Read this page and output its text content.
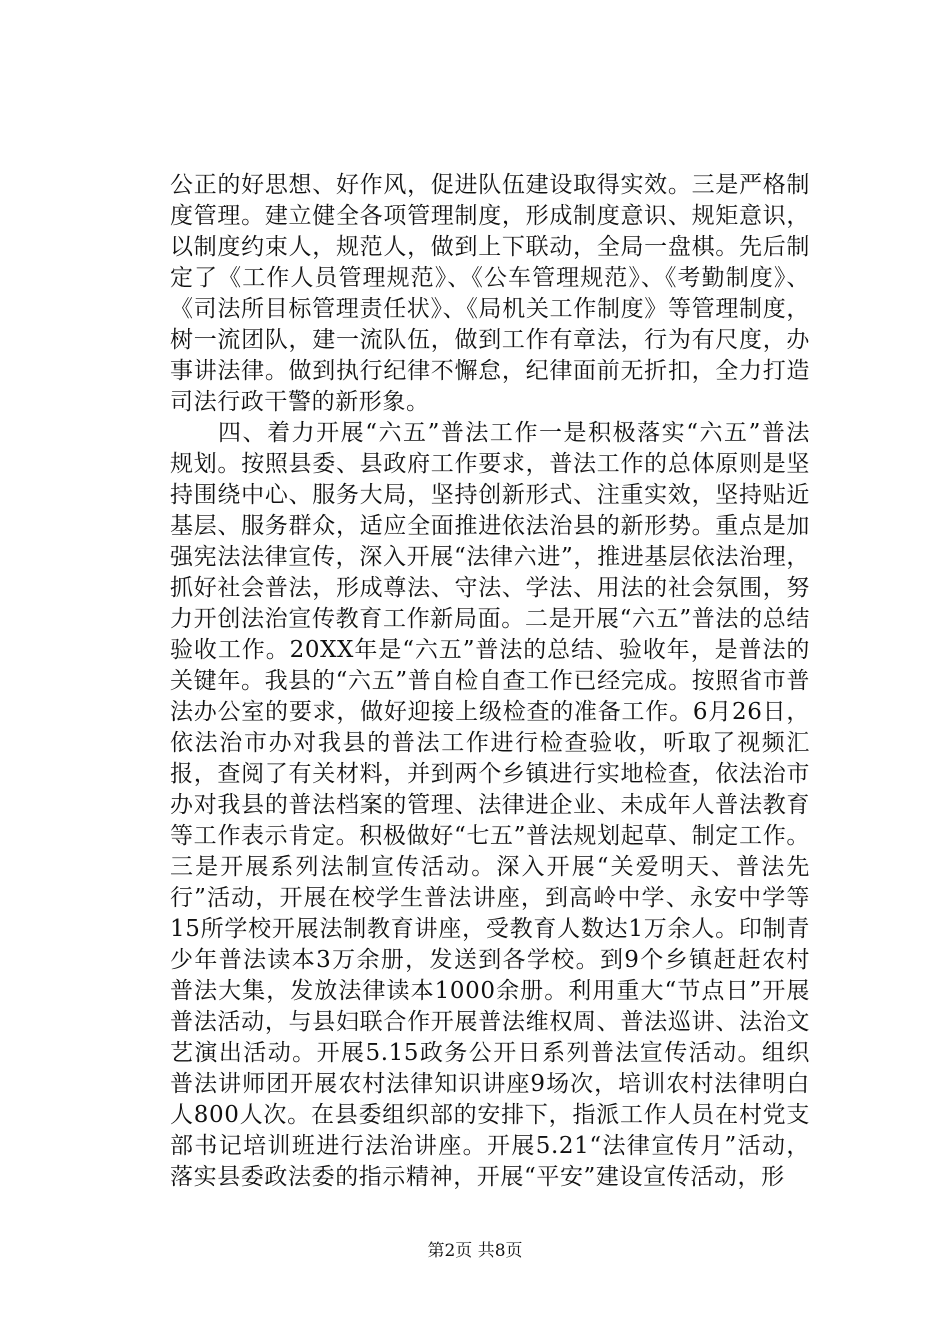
公正的好思想、好作风，促进队伍建设取得实效。三是严格制度管理。建立健全各项管理制度，形成制度意识、规矩意识，以制度约束人，规范人，做到上下联动，全局一盘棋。先后制定了《工作人员管理规范》、《公车管理规范》、《考勤制度》、《司法所目标管理责任状》、《局机关工作制度》等管理制度，树一流团队，建一流队伍，做到工作有章法，行为有尺度，办事讲法律。做到执行纪律不懈怠，纪律面前无折扣，全力打造司法行政干警的新形象。

四、着力开展“六五”普法工作一是积极落实“六五”普法规划。按照县委、县政府工作要求，普法工作的总体原则是坚持围绕中心、服务大局，坚持创新形式、注重实效，坚持贴近基层、服务群众，适应全面推进依法治县的新形势。重点是加强宪法法律宣传，深入开展“法律六进”，推进基层依法治理，抓好社会普法，形成尊法、守法、学法、用法的社会氛围，努力开创法治宣传教育工作新局面。二是开展“六五”普法的总结验收工作。20XX年是“六五”普法的总结、验收年，是普法的关键年。我县的“六五”普自检自查工作已经完成。按照省市普法办公室的要求，做好迎接上级检查的准备工作。6月26日，依法治市办对我县的普法工作进行检查验收，听取了视频汇报，查阅了有关材料，并到两个乡镇进行实地检查，依法治市办对我县的普法档案的管理、法律进企业、未成年人普法教育等工作表示肯定。积极做好“七五”普法规划起草、制定工作。三是开展系列法制宣传活动。深入开展“关爱明天、普法先行”活动，开展在校学生普法讲座，到高岭中学、永安中学等15所学校开展法制教育讲座，受教育人数达1万余人。印制青少年普法读本3万余册，发送到各学校。到9个乡镇赶赶农村普法大集，发放法律读本1000余册。利用重大“节点日”开展普法活动，与县妇联合作开展普法维权周、普法巡讲、法治文艺演出活动。开展5.15政务公开日系列普法宣传活动。组织普法讲师团开展农村法律知识讲座9场次，培训农村法律明白人800人次。在县委组织部的安排下，指派工作人员在村党支部书记培训班进行法治讲座。开展5.21“法律宣传月”活动，落实县委政法委的指示精神，开展“平安”建设宣传活动，形

第2页 共8页
